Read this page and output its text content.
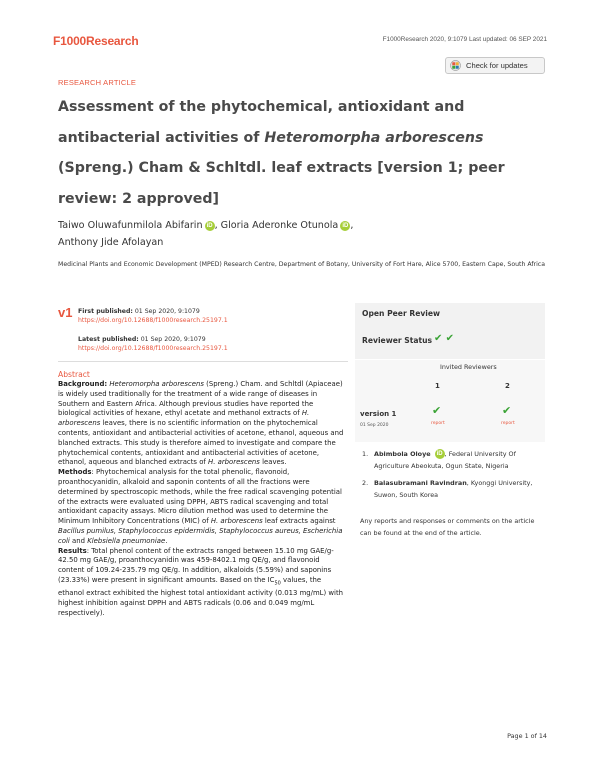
F1000Research	F1000Research 2020, 9:1079 Last updated: 06 SEP 2021
RESEARCH ARTICLE
Check for updates
Assessment of the phytochemical, antioxidant and antibacterial activities of Heteromorpha arborescens (Spreng.) Cham & Schltdl. leaf extracts [version 1; peer review: 2 approved]
Taiwo Oluwafunmilola Abifarin iD , Gloria Aderonke Otunola iD ,
Anthony Jide Afolayan
Medicinal Plants and Economic Development (MPED) Research Centre, Department of Botany, University of Fort Hare, Alice 5700, Eastern Cape, South Africa
v1 First published: 01 Sep 2020, 9:1079
https://doi.org/10.12688/f1000research.25197.1
Latest published: 01 Sep 2020, 9:1079
https://doi.org/10.12688/f1000research.25197.1
Abstract

Background: Heteromorpha arborescens (Spreng.) Cham. and Schltdl (Apiaceae) is widely used traditionally for the treatment of a wide range of diseases in Southern and Eastern Africa. Although previous studies have reported the biological activities of hexane, ethyl acetate and methanol extracts of H. arborescens leaves, there is no scientific information on the phytochemical contents, antioxidant and antibacterial activities of acetone, ethanol, aqueous and blanched extracts. This study is therefore aimed to investigate and compare the phytochemical contents, antioxidant and antibacterial activities of acetone, ethanol, aqueous and blanched extracts of H. arborescens leaves.

Methods: Phytochemical analysis for the total phenolic, flavonoid, proanthocyanidin, alkaloid and saponin contents of all the fractions were determined by spectroscopic methods, while the free radical scavenging potential of the extracts were evaluated using DPPH, ABTS radical scavenging and total antioxidant capacity assays. Micro dilution method was used to determine the Minimum Inhibitory Concentrations (MIC) of H. arborescens leaf extracts against Bacillus pumilus, Staphylococcus epidermidis, Staphylococcus aureus, Escherichia coli and Klebsiella pneumoniae.

Results: Total phenol content of the extracts ranged between 15.10 mg GAE/g- 42.50 mg GAE/g, proanthocyanidin was 459-8402.1 mg QE/g, and flavonoid content of 109.24-235.79 mg QE/g. In addition, alkaloids (5.59%) and saponins (23.33%) were present in significant amounts. Based on the $IC_{50}$ values, the ethanol extract exhibited the highest total antioxidant activity (0.013 mg/mL) with highest inhibition against DPPH and ABTS radicals (0.06 and 0.049 mg/mL respectively).

Open Peer Review
Reviewer Status ✔ ✔
Invited Reviewers
1	2
version 1
01 Sep 2020
✔
report
✔
report
1. Abimbola Oloye iD , Federal University Of Agriculture Abeokuta, Ogun State, Nigeria
2. Balasubramani Ravindran, Kyonggi University, Suwon, South Korea
Any reports and responses or comments on the article can be found at the end of the article.
Page 1 of 14
